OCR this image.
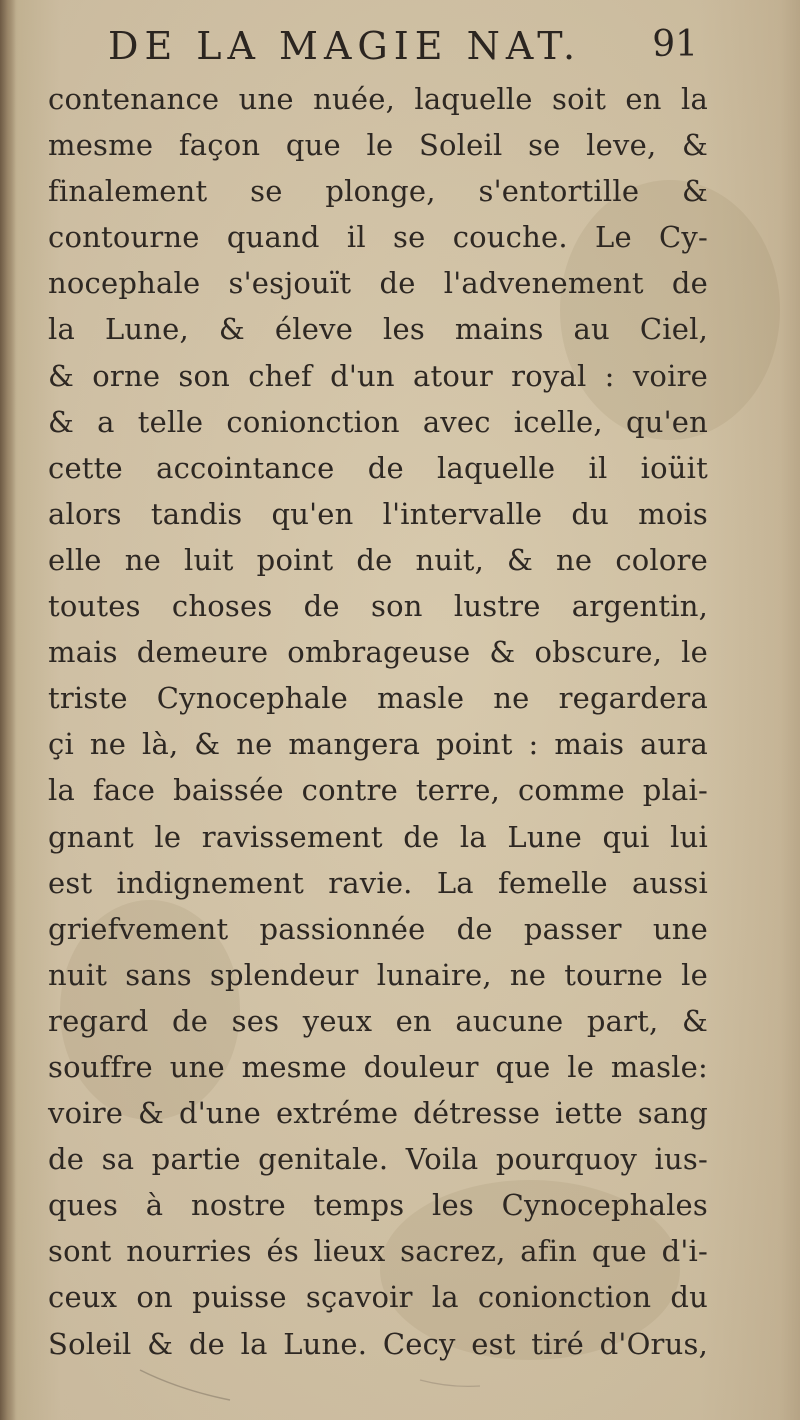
DE LA MAGIE NAT. 91
contenance une nuée, laquelle soit en la
mesme façon que le Soleil se leve, &
finalement se plonge, s'entortille &
contourne quand il se couche. Le Cy-
nocephale s'esjouït de l'advenement de
la Lune, & éleve les mains au Ciel,
& orne son chef d'un atour royal : voire
& a telle conionction avec icelle, qu'en
cette accointance de laquelle il ioüit
alors tandis qu'en l'intervalle du mois
elle ne luit point de nuit, & ne colore
toutes choses de son lustre argentin,
mais demeure ombrageuse & obscure, le
triste Cynocephale masle ne regardera
çi ne là, & ne mangera point : mais aura
la face baissée contre terre, comme plai-
gnant le ravissement de la Lune qui lui
est indignement ravie. La femelle aussi
griefvement passionnée de passer une
nuit sans splendeur lunaire, ne tourne le
regard de ses yeux en aucune part, &
souffre une mesme douleur que le masle:
voire & d'une extréme détresse iette sang
de sa partie genitale. Voila pourquoy ius-
ques à nostre temps les Cynocephales
sont nourries és lieux sacrez, afin que d'i-
ceux on puisse sçavoir la conionction du
Soleil & de la Lune. Cecy est tiré d'Orus,
